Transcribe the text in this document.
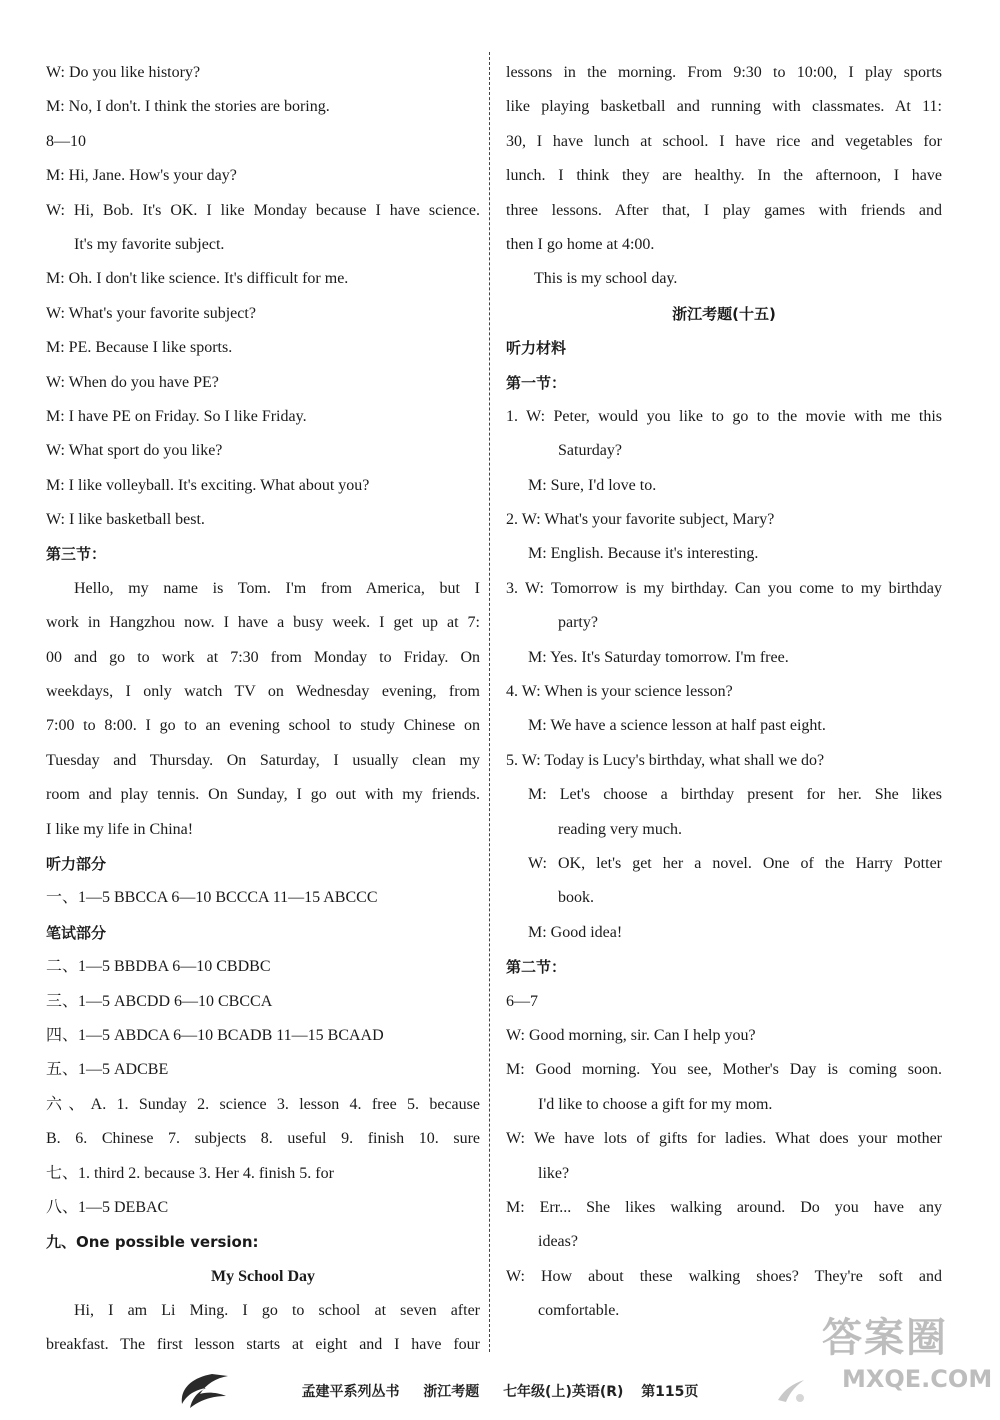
W: Do you like history?
M: No, I don't. I think the stories are boring.
8—10
M: Hi, Jane. How's your day?
W: Hi, Bob. It's OK. I like Monday because I have science.
It's my favorite subject.
M: Oh. I don't like science. It's difficult for me.
W: What's your favorite subject?
M: PE. Because I like sports.
W: When do you have PE?
M: I have PE on Friday. So I like Friday.
W: What sport do you like?
M: I like volleyball. It's exciting. What about you?
W: I like basketball best.
第三节：
Hello, my name is Tom. I'm from America, but I
work in Hangzhou now. I have a busy week. I get up at 7:
00 and go to work at 7:30 from Monday to Friday. On
weekdays, I only watch TV on Wednesday evening, from
7:00 to 8:00. I go to an evening school to study Chinese on
Tuesday and Thursday. On Saturday, I usually clean my
room and play tennis. On Sunday, I go out with my friends.
I like my life in China!
听力部分
一、1—5 BBCCA 6—10 BCCCA 11—15 ABCCC
笔试部分
二、1—5 BBDBA 6—10 CBDBC
三、1—5 ABCDD 6—10 CBCCA
四、1—5 ABDCA 6—10 BCADB 11—15 BCAAD
五、1—5 ADCBE
六、A. 1. Sunday 2. science 3. lesson 4. free 5. because
B. 6. Chinese 7. subjects 8. useful 9. finish 10. sure
七、1. third 2. because 3. Her 4. finish 5. for
八、1—5 DEBAC
九、One possible version:
My School Day
Hi, I am Li Ming. I go to school at seven after
breakfast. The first lesson starts at eight and I have four
lessons in the morning. From 9:30 to 10:00, I play sports
like playing basketball and running with classmates. At 11:
30, I have lunch at school. I have rice and vegetables for
lunch. I think they are healthy. In the afternoon, I have
three lessons. After that, I play games with friends and
then I go home at 4:00.
This is my school day.
浙江考题(十五)
听力材料
第一节：
1. W: Peter, would you like to go to the movie with me this
Saturday?
M: Sure, I'd love to.
2. W: What's your favorite subject, Mary?
M: English. Because it's interesting.
3. W: Tomorrow is my birthday. Can you come to my birthday
party?
M: Yes. It's Saturday tomorrow. I'm free.
4. W: When is your science lesson?
M: We have a science lesson at half past eight.
5. W: Today is Lucy's birthday, what shall we do?
M: Let's choose a birthday present for her. She likes
reading very much.
W: OK, let's get her a novel. One of the Harry Potter
book.
M: Good idea!
第二节：
6—7
W: Good morning, sir. Can I help you?
M: Good morning. You see, Mother's Day is coming soon.
I'd like to choose a gift for my mom.
W: We have lots of gifts for ladies. What does your mother
like?
M: Err... She likes walking around. Do you have any
ideas?
W: How about these walking shoes? They're soft and
comfortable.
孟建平系列丛书 浙江考题 七年级(上)英语(R) 第115页
答案圈
MXQE.COM
